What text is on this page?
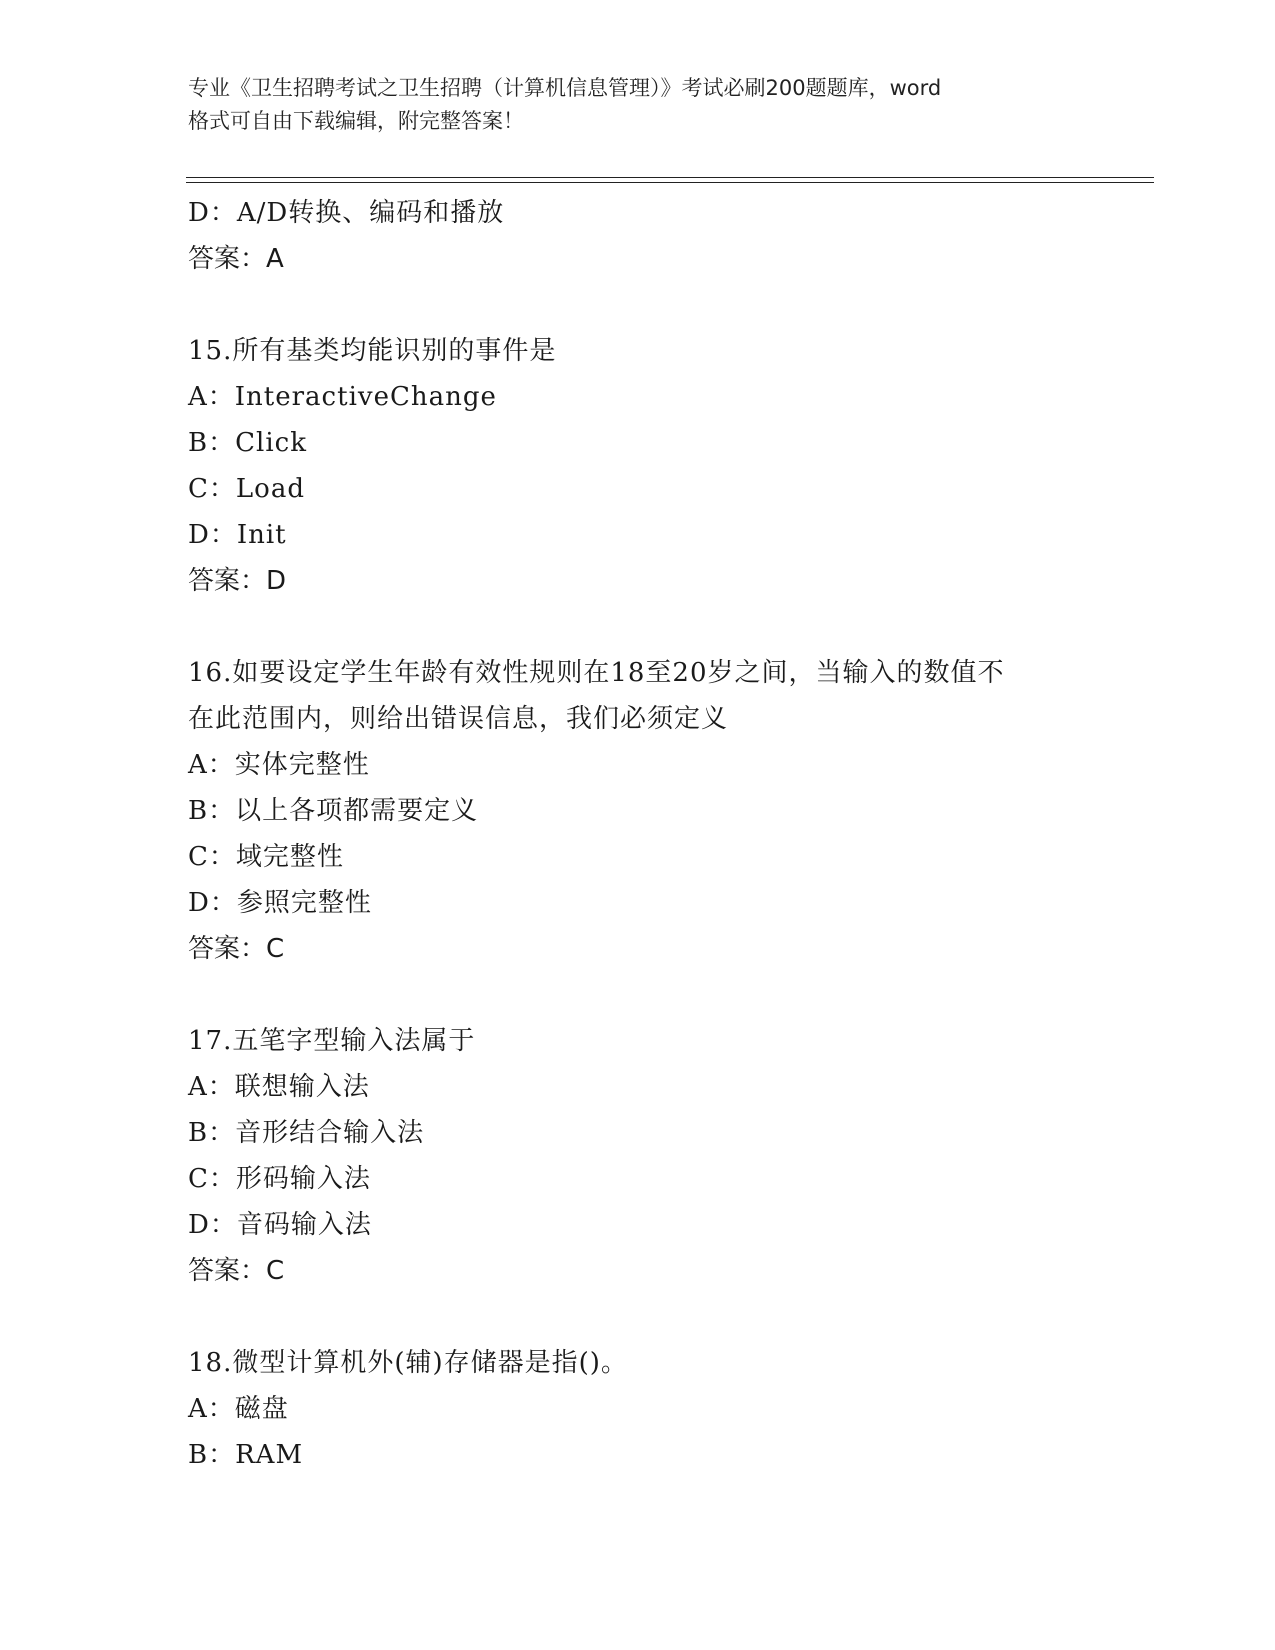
专业《卫生招聘考试之卫生招聘（计算机信息管理）》考试必刷200题题库，word
格式可自由下载编辑，附完整答案！
D：A/D转换、编码和播放
答案：A
15.所有基类均能识别的事件是
A：InteractiveChange
B：Click
C：Load
D：Init
答案：D
16.如要设定学生年龄有效性规则在18至20岁之间，当输入的数值不
在此范围内，则给出错误信息，我们必须定义
A：实体完整性
B：以上各项都需要定义
C：域完整性
D：参照完整性
答案：C
17.五笔字型输入法属于
A：联想输入法
B：音形结合输入法
C：形码输入法
D：音码输入法
答案：C
18.微型计算机外(辅)存储器是指()。
A：磁盘
B：RAM
